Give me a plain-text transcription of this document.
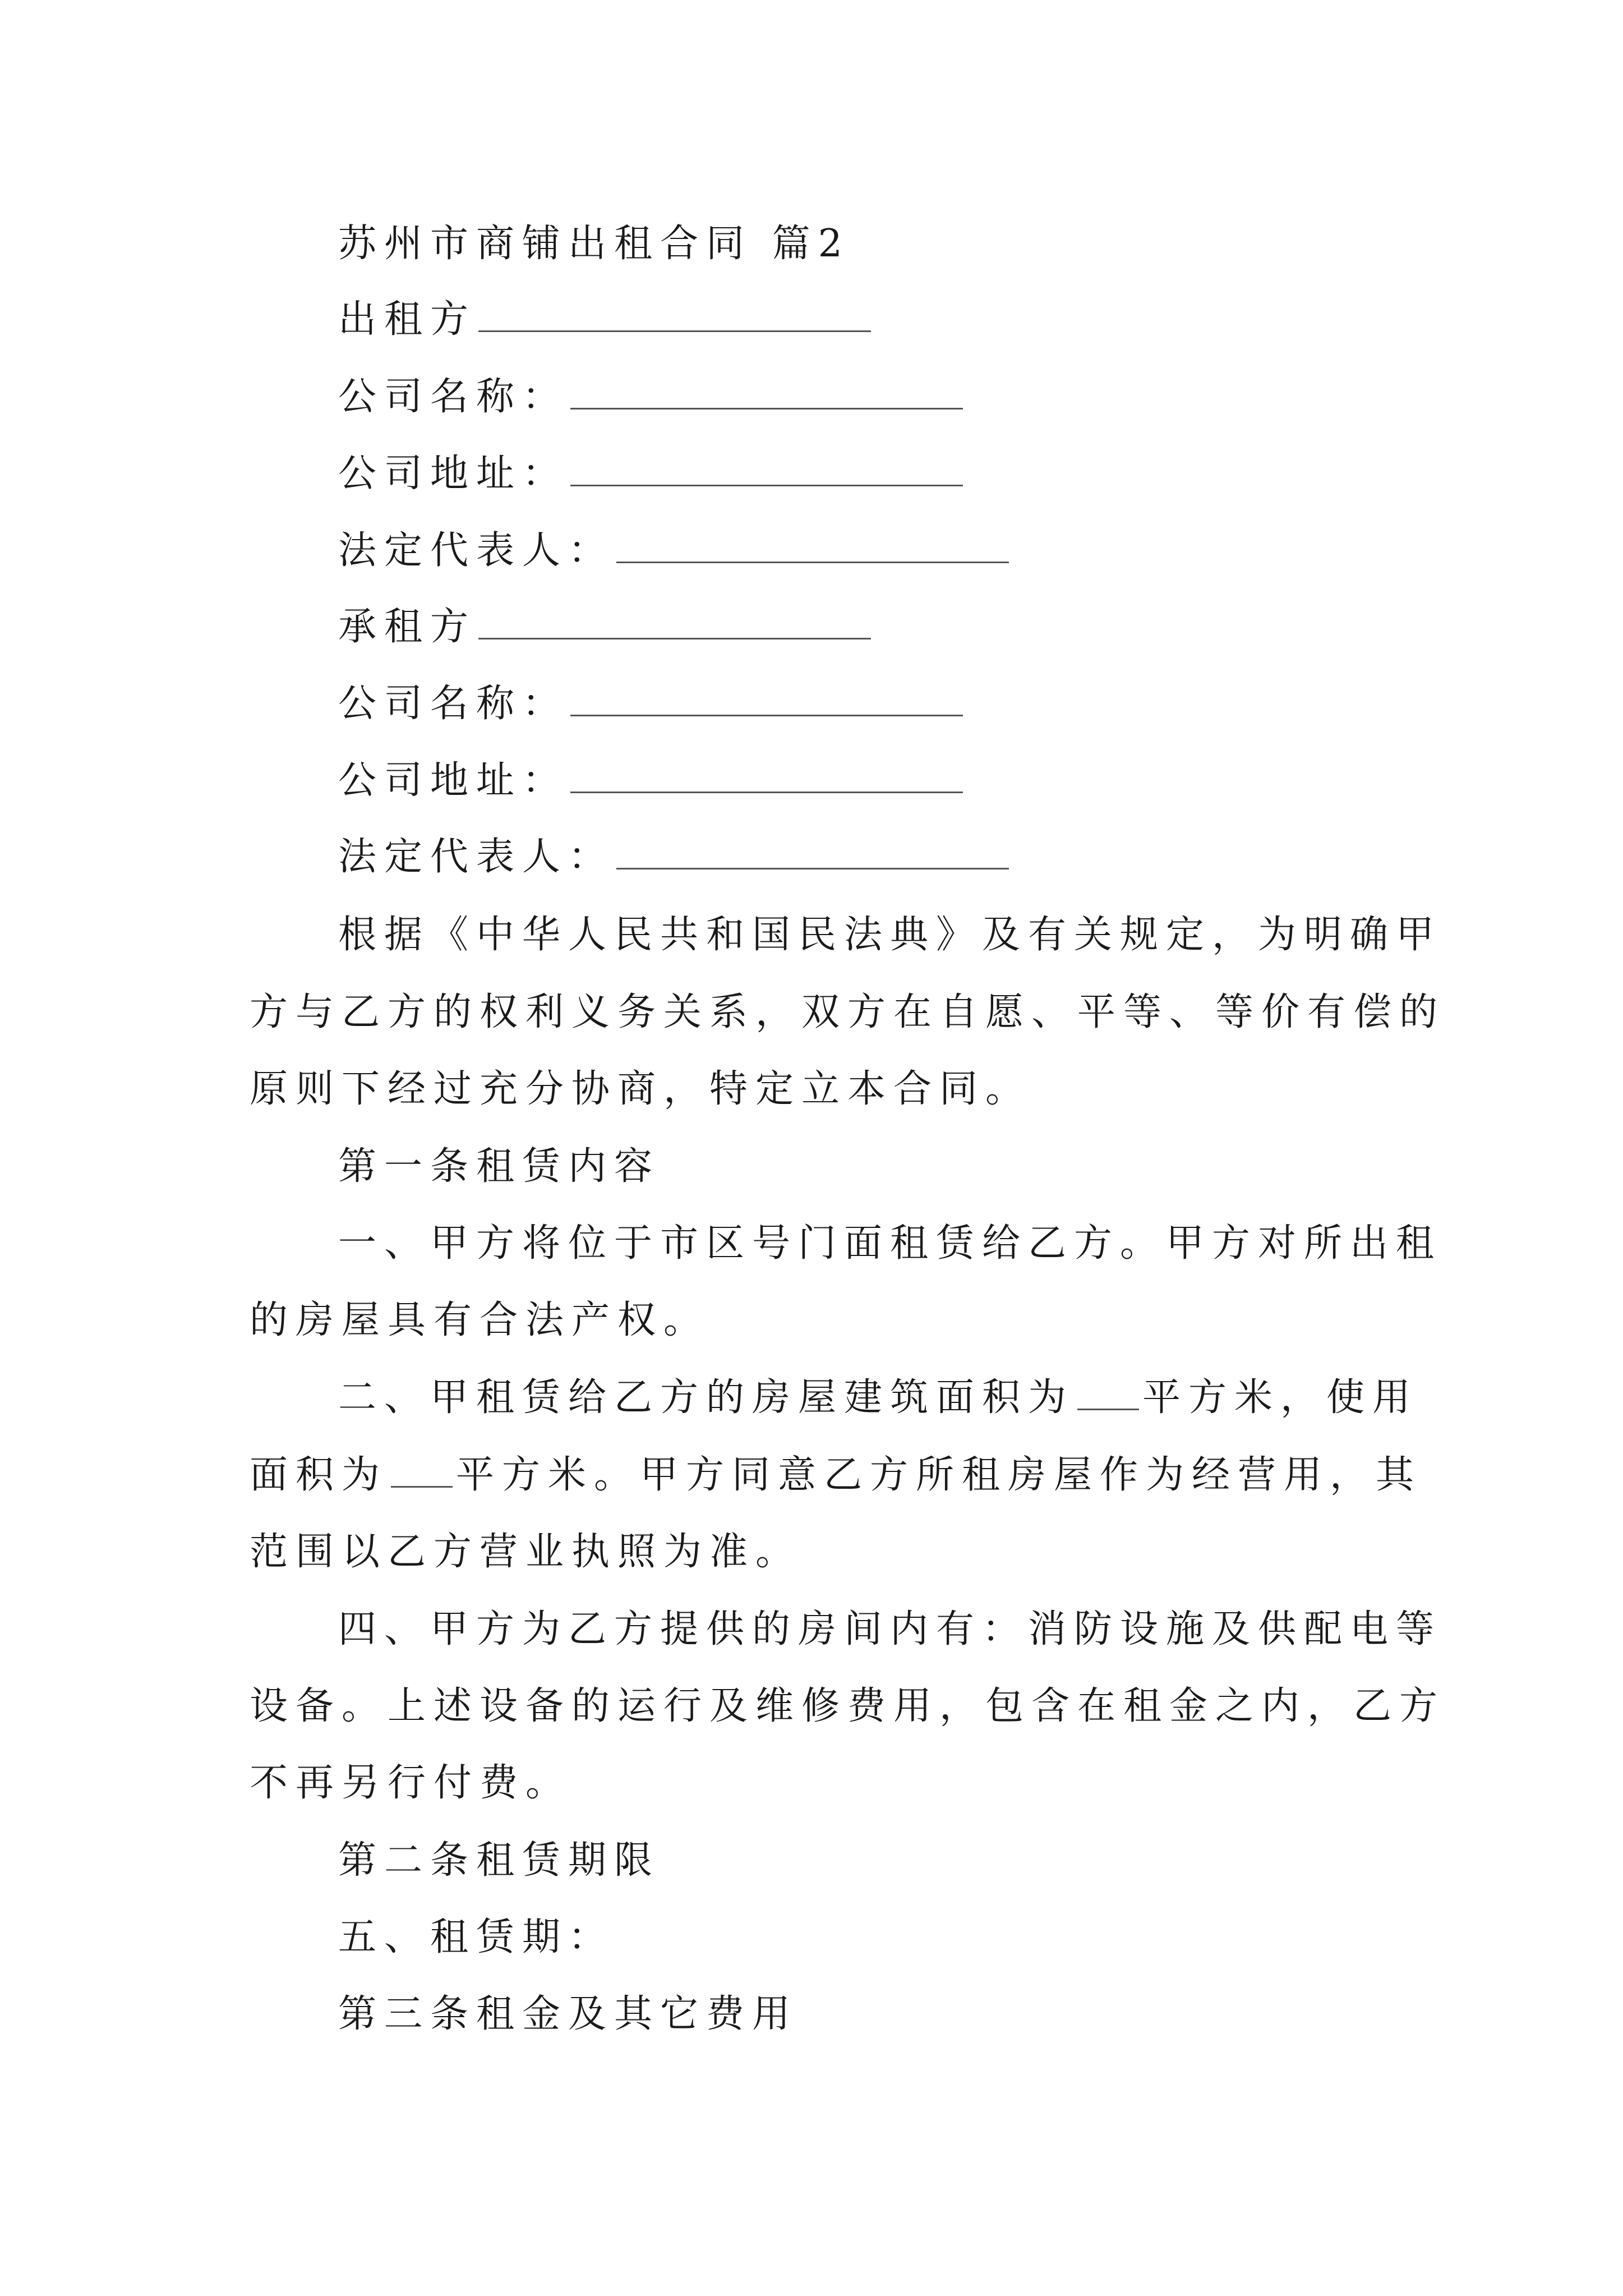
苏州市商铺出租合同 篇2
出租方
公司名称：
公司地址：
法定代表人：
承租方
公司名称：
公司地址：
法定代表人：
根据《中华人民共和国民法典》及有关规定，为明确甲
方与乙方的权利义务关系，双方在自愿、平等、等价有偿的
原则下经过充分协商，特定立本合同。
第一条租赁内容
一、甲方将位于市区号门面租赁给乙方。甲方对所出租
的房屋具有合法产权。
二、甲租赁给乙方的房屋建筑面积为 平方米，使用
面积为 平方米。甲方同意乙方所租房屋作为经营用，其
范围以乙方营业执照为准。
四、甲方为乙方提供的房间内有：消防设施及供配电等
设备。上述设备的运行及维修费用，包含在租金之内，乙方
不再另行付费。
第二条租赁期限
五、租赁期：
第三条租金及其它费用
